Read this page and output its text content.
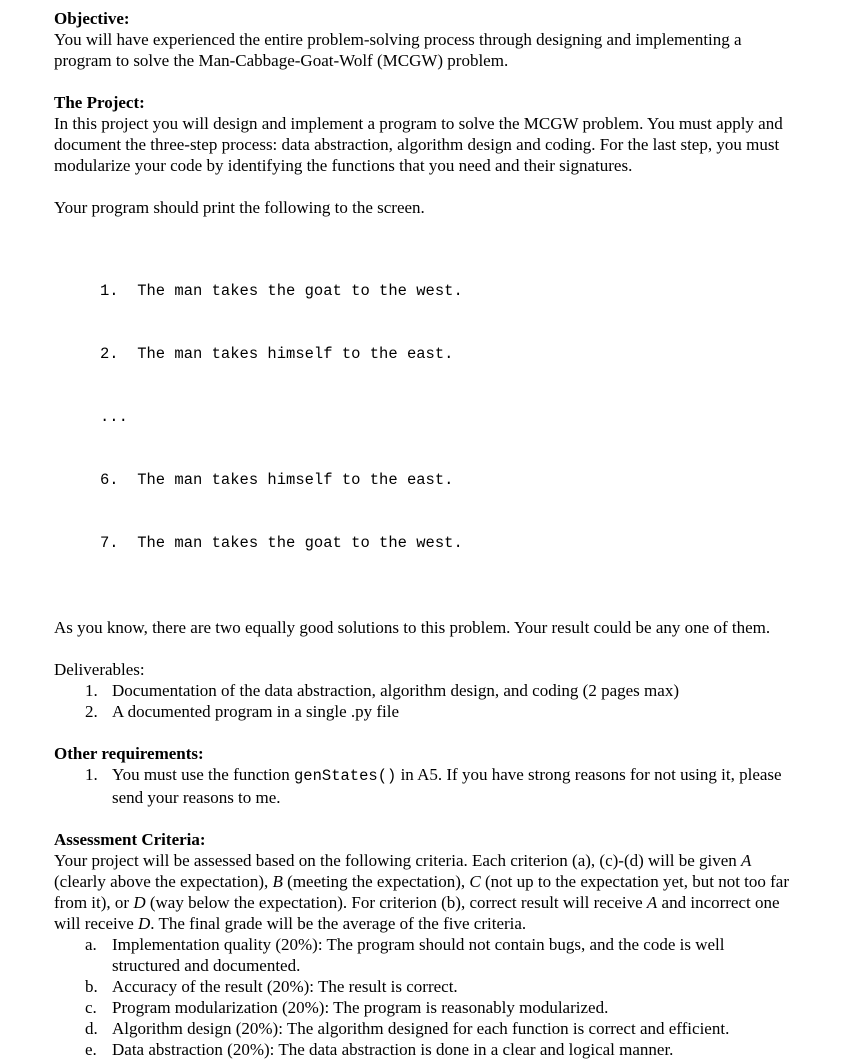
Objective:

You will have experienced the entire problem-solving process through designing and implementing a program to solve the Man-Cabbage-Goat-Wolf (MCGW) problem.

The Project:

In this project you will design and implement a program to solve the MCGW problem. You must apply and document the three-step process: data abstraction, algorithm design and coding. For the last step, you must modularize your code by identifying the functions that you need and their signatures.

Your program should print the following to the screen.

1.  The man takes the goat to the west.

2.  The man takes himself to the east.

...

6.  The man takes himself to the east.

7.  The man takes the goat to the west.

As you know, there are two equally good solutions to this problem. Your result could be any one of them.

Deliverables:
1. Documentation of the data abstraction, algorithm design, and coding (2 pages max)
2. A documented program in a single .py file
Other requirements:
1. You must use the function genStates() in A5. If you have strong reasons for not using it, please send your reasons to me.
Assessment Criteria:

Your project will be assessed based on the following criteria. Each criterion (a), (c)-(d) will be given A (clearly above the expectation), B (meeting the expectation), C (not up to the expectation yet, but not too far from it), or D (way below the expectation). For criterion (b), correct result will receive A and incorrect one will receive D. The final grade will be the average of the five criteria.

a. Implementation quality (20%): The program should not contain bugs, and the code is well structured and documented.
b. Accuracy of the result (20%): The result is correct.
c. Program modularization (20%): The program is reasonably modularized.
d. Algorithm design (20%): The algorithm designed for each function is correct and efficient.
e. Data abstraction (20%): The data abstraction is done in a clear and logical manner.
